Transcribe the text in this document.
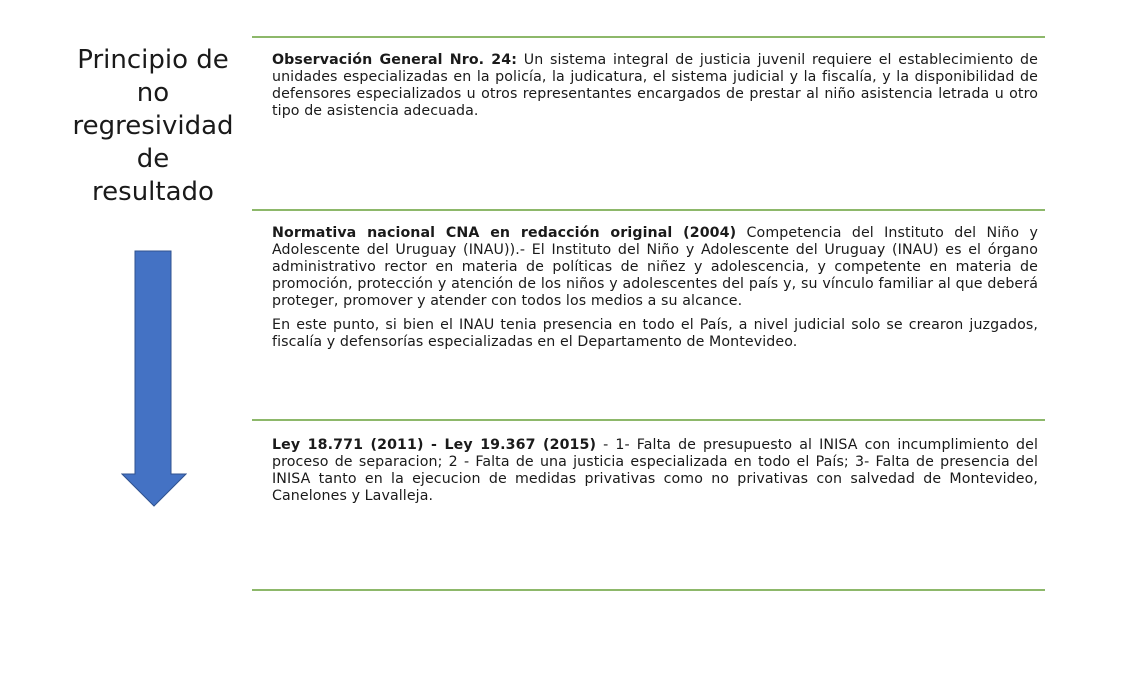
Principio de
no
regresividad
de
resultado

Observación General Nro. 24: Un sistema integral de justicia juvenil requiere el establecimiento de unidades especializadas en la policía, la judicatura, el sistema judicial y la fiscalía, y la disponibilidad de defensores especializados u otros representantes encargados de prestar al niño asistencia letrada u otro tipo de asistencia adecuada.

Normativa nacional CNA en redacción original (2004) Competencia del Instituto del Niño y Adolescente del Uruguay (INAU)).- El Instituto del Niño y Adolescente del Uruguay (INAU) es el órgano administrativo rector en materia de políticas de niñez y adolescencia, y competente en materia de promoción, protección y atención de los niños y adolescentes del país y, su vínculo familiar al que deberá proteger, promover y atender con todos los medios a su alcance.

En este punto, si bien el INAU tenia presencia en todo el País, a nivel judicial solo se crearon juzgados, fiscalía y defensorías especializadas en el Departamento de Montevideo.

Ley 18.771 (2011) - Ley 19.367 (2015) - 1- Falta de presupuesto al INISA con incumplimiento del proceso de separacion; 2 - Falta de una justicia especializada en todo el País; 3- Falta de presencia del INISA tanto en la ejecucion de medidas privativas como no privativas con salvedad de Montevideo, Canelones y Lavalleja.
